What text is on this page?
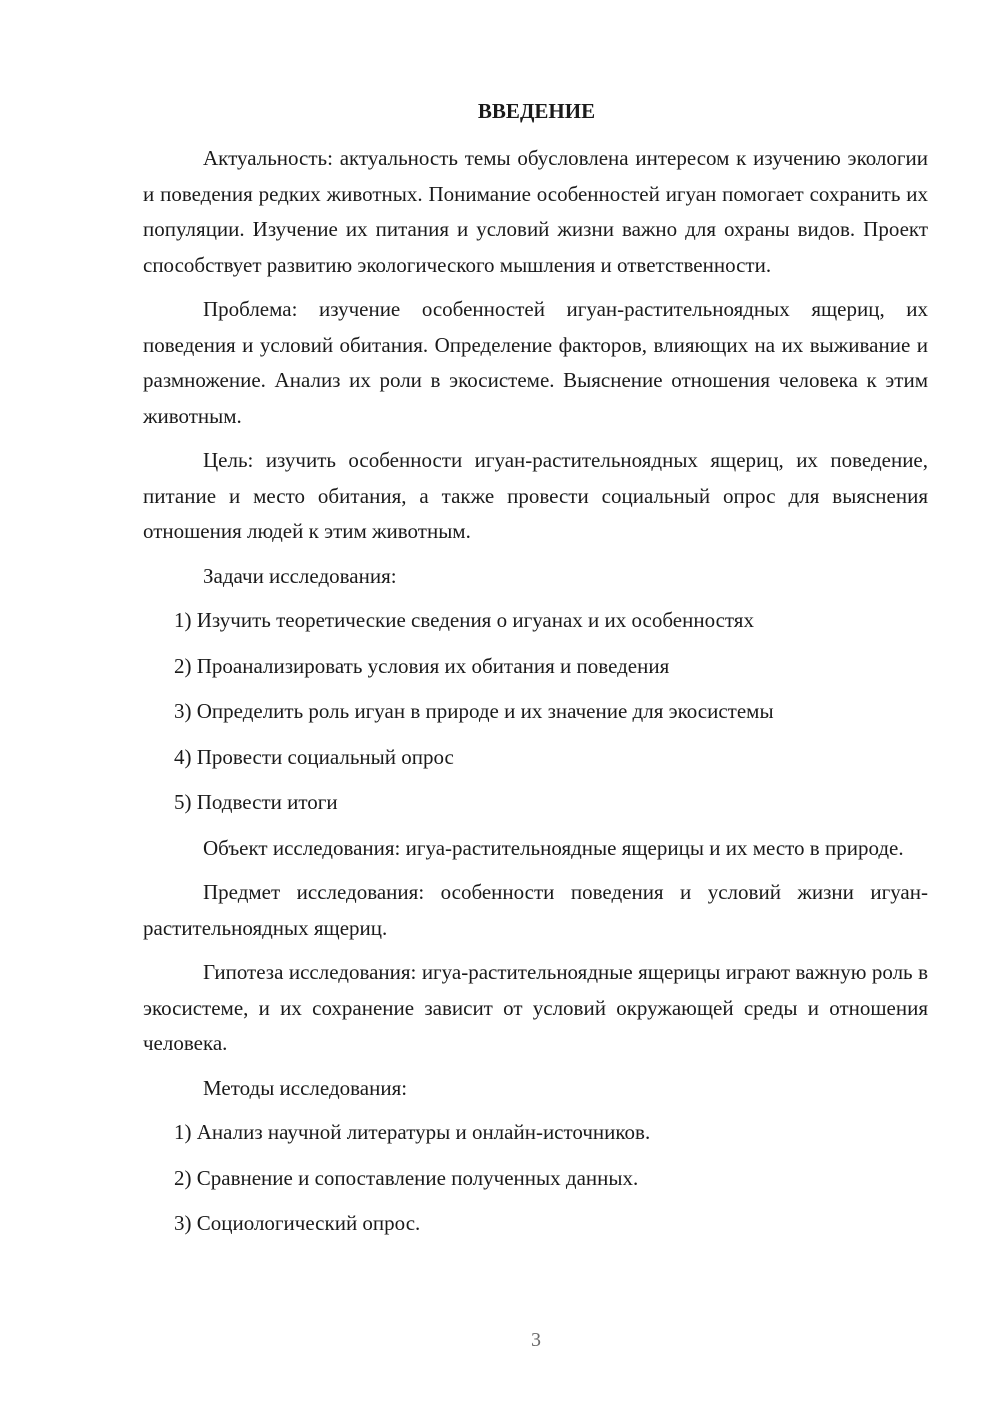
ВВЕДЕНИЕ

Актуальность: актуальность темы обусловлена интересом к изучению экологии и поведения редких животных. Понимание особенностей игуан помогает сохранить их популяции. Изучение их питания и условий жизни важно для охраны видов. Проект способствует развитию экологического мышления и ответственности.

Проблема: изучение особенностей игуан-растительноядных ящериц, их поведения и условий обитания. Определение факторов, влияющих на их выживание и размножение. Анализ их роли в экосистеме. Выяснение отношения человека к этим животным.

Цель: изучить особенности игуан-растительноядных ящериц, их поведение, питание и место обитания, а также провести социальный опрос для выяснения отношения людей к этим животным.

Задачи исследования:

1) Изучить теоретические сведения о игуанах и их особенностях
2) Проанализировать условия их обитания и поведения
3) Определить роль игуан в природе и их значение для экосистемы
4) Провести социальный опрос
5) Подвести итоги

Объект исследования: игуа-растительноядные ящерицы и их место в природе.

Предмет исследования: особенности поведения и условий жизни игуан-растительноядных ящериц.

Гипотеза исследования: игуа-растительноядные ящерицы играют важную роль в экосистеме, и их сохранение зависит от условий окружающей среды и отношения человека.

Методы исследования:

1) Анализ научной литературы и онлайн-источников.
2) Сравнение и сопоставление полученных данных.
3) Социологический опрос.
3
